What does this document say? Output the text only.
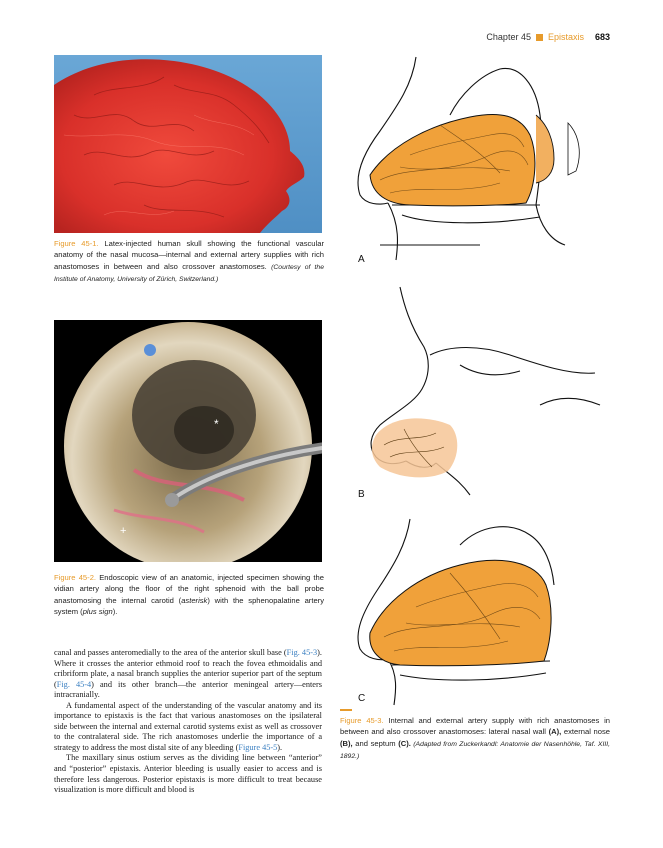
Chapter 45 Epistaxis 683
Figure 45-1. Latex-injected human skull showing the functional vascular anatomy of the nasal mucosa—internal and external artery supplies with rich anastomoses in between and also crossover anastomoses. (Courtesy of the Institute of Anatomy, University of Zürich, Switzerland.)
*
+
Figure 45-2. Endoscopic view of an anatomic, injected specimen showing the vidian artery along the floor of the right sphenoid with the ball probe anastomosing the internal carotid (asterisk) with the sphenopalatine artery system (plus sign).
A
B
C
Figure 45-3. Internal and external artery supply with rich anastomoses in between and also crossover anastomoses: lateral nasal wall (A), external nose (B), and septum (C). (Adapted from Zuckerkandl: Anatomie der Nasenhöhle, Taf. XIII, 1892.)

canal and passes anteromedially to the area of the anterior skull base (Fig. 45-3). Where it crosses the anterior ethmoid roof to reach the fovea ethmoidalis and cribriform plate, a nasal branch supplies the anterior superior part of the septum (Fig. 45-4) and its other branch—the anterior meningeal artery—enters intracranially.

A fundamental aspect of the understanding of the vascular anatomy and its importance to epistaxis is the fact that various anastomoses on the ipsilateral side between the internal and external carotid systems exist as well as crossover to the contralateral side. The rich anastomoses underlie the importance of a strategy to address the most distal site of any bleeding (Figure 45-5).

The maxillary sinus ostium serves as the dividing line between “anterior” and “posterior” epistaxis. Anterior bleeding is usually easier to access and is therefore less dangerous. Posterior epistaxis is more difficult to treat because visualization is more difficult and blood is
